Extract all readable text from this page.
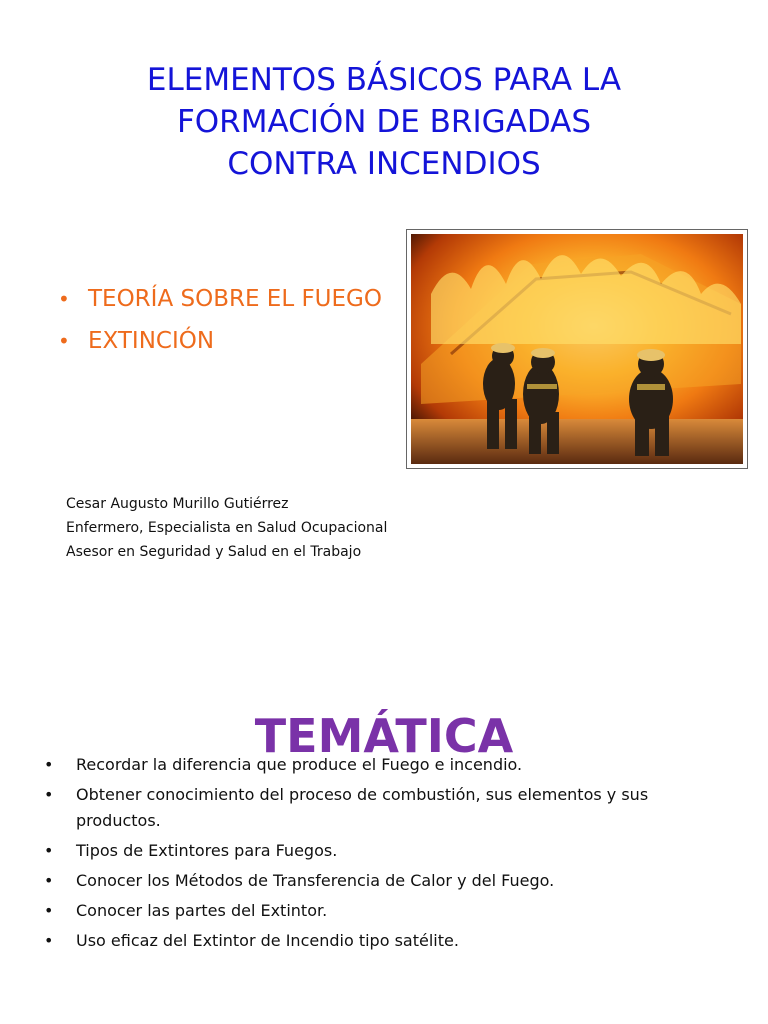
ELEMENTOS BÁSICOS PARA LA
FORMACIÓN DE BRIGADAS
CONTRA INCENDIOS
• TEORÍA SOBRE EL FUEGO
• EXTINCIÓN
Cesar Augusto Murillo Gutiérrez
Enfermero, Especialista en Salud Ocupacional
Asesor en Seguridad y Salud en el Trabajo
TEMÁTICA
•	Recordar la diferencia que produce el Fuego e incendio.
•	Obtener conocimiento del proceso de combustión, sus elementos y sus productos.
•	Tipos de Extintores para Fuegos.
•	Conocer los Métodos de Transferencia de Calor y del Fuego.
•	Conocer las partes del Extintor.
•	Uso eficaz del Extintor de Incendio tipo satélite.
